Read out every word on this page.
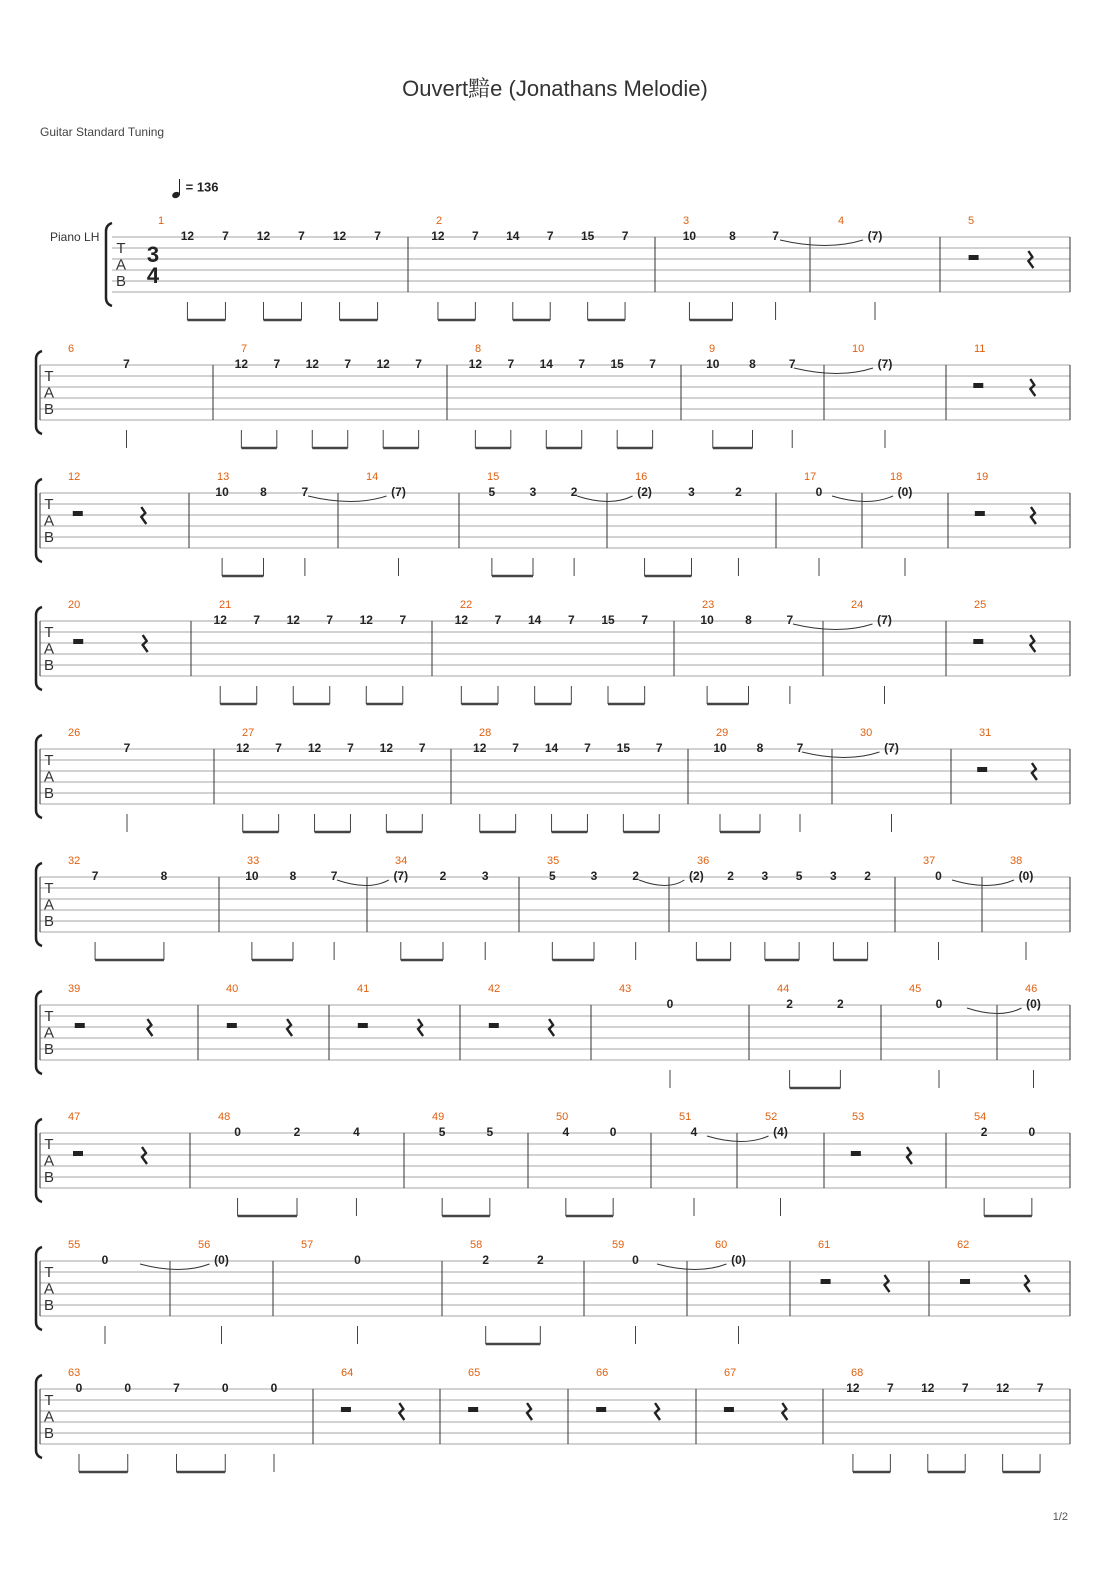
Ouvert黯e (Jonathans Melodie)
Guitar Standard Tuning
= 136
Piano LH
T
A
B
3
4
1
12 7 12 7 12 7
2
12 7 14 7 15 7
3
10	8	7
4
(7)
5
T
A
B
6
7
7
12 7 12 7 12 7
8
12 7 14 7 15 7
9
10 8	7
10
(7)
11
T
A
B
12	13
10	8	7
14
(7)
15
5	3	2
16
(2)	3	2
17
0
18
(0)
19
T
A
B
20	21
12 7 12 7 12 7
22
12 7 14 7 15 7
23
10	8	7
24
(7)
25
T
A
B
26
7
27
12 7 12 7 12 7
28
12 7 14 7 15 7
29
10 8	7
30
(7)
31
T
A
B
32
7	8
33
10	8	7
34
(7)	2	3
35
5	3	2
36
(2) 2 3 5 3 2
37
0
38
(0)
T
A
B
39	40	41	42	43
0
44
2	2
45
0
46
(0)
T
A
B
47	48
0	2	4
49
5	5
50
4	0
51
4
52
(4)
53	54
2	0
T
A
B
55
0
56
(0)
57
0
58
2	2
59
0
60
(0)
61	62
T
A
B
63
0	0	7	0	0
64	65	66	67	68
12 7 12 7 12 7
1/2
